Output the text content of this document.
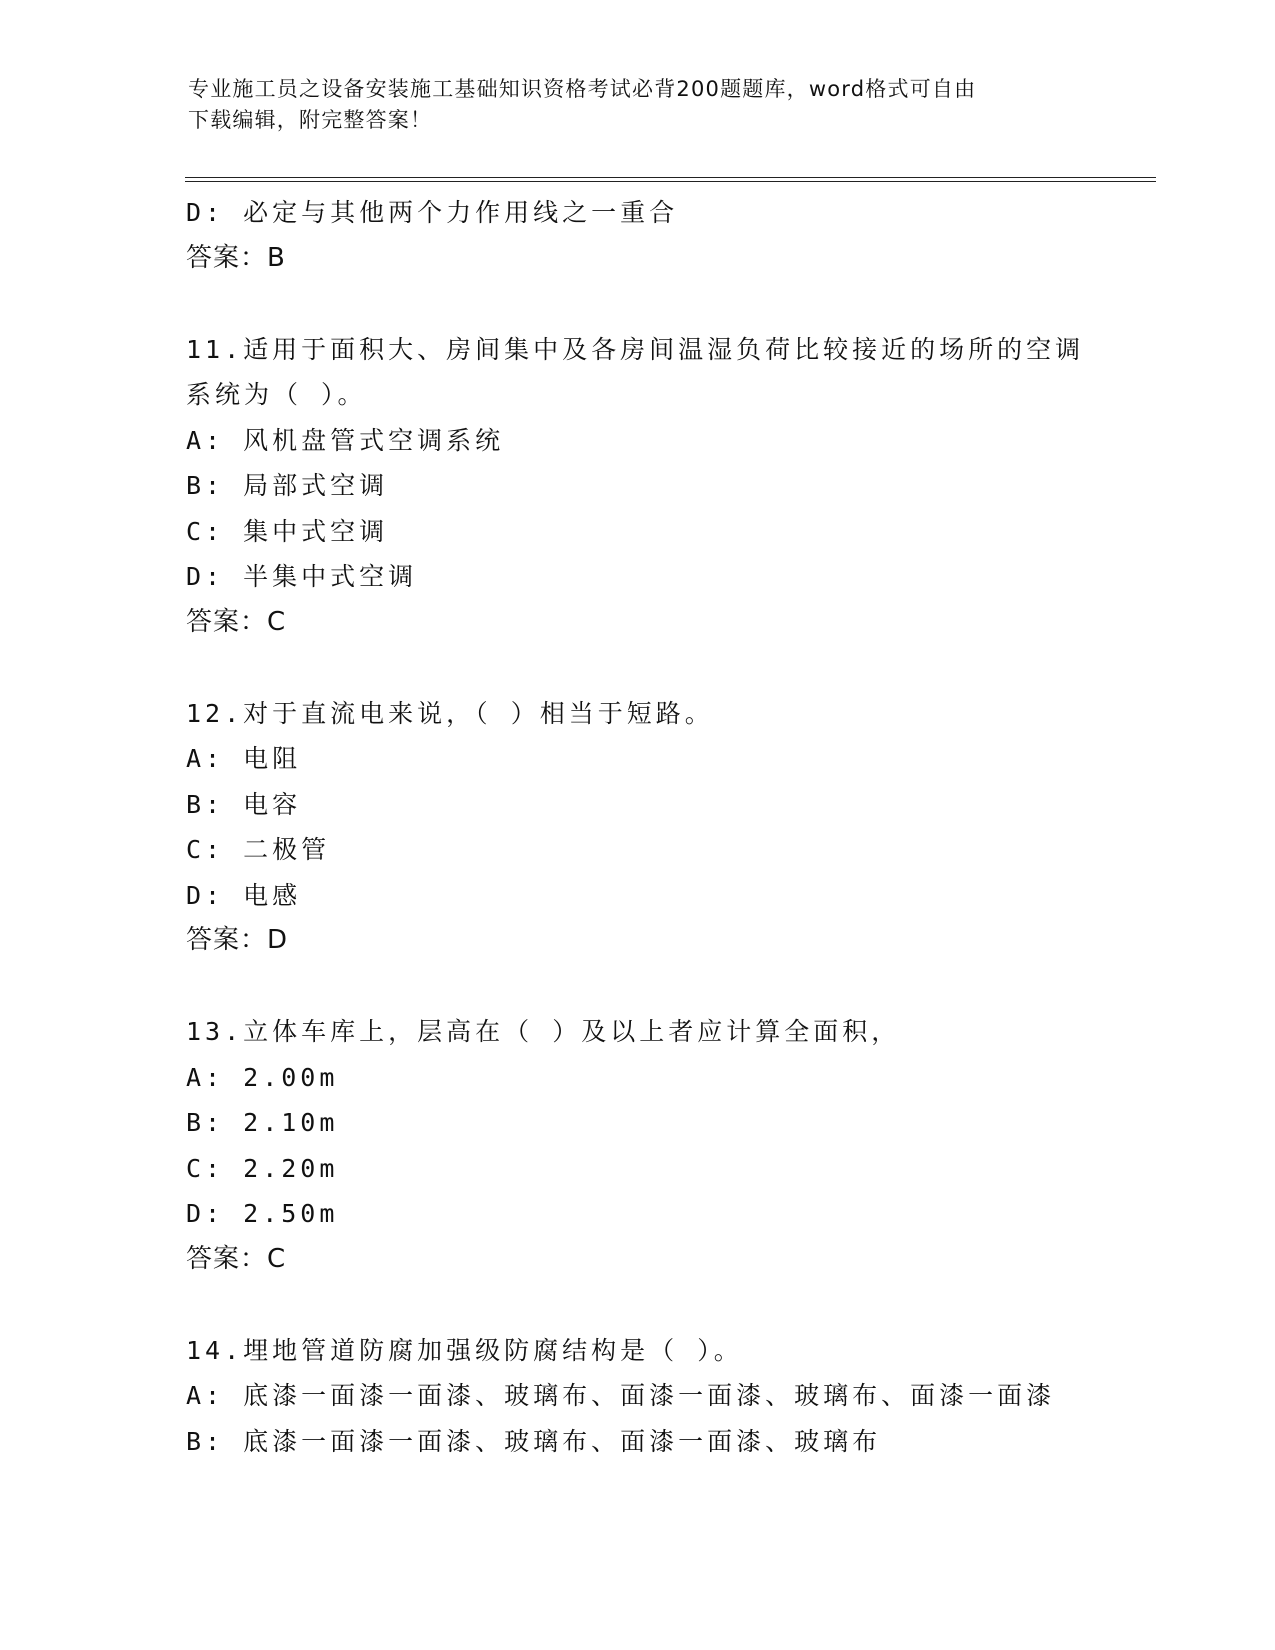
专业施工员之设备安装施工基础知识资格考试必背200题题库，word格式可自由
下载编辑，附完整答案！
D: 必定与其他两个力作用线之一重合
答案：B
11.适用于面积大、房间集中及各房间温湿负荷比较接近的场所的空调
系统为（ ）。
A: 风机盘管式空调系统
B: 局部式空调
C: 集中式空调
D: 半集中式空调
答案：C
12.对于直流电来说，（ ）相当于短路。
A: 电阻
B: 电容
C: 二极管
D: 电感
答案：D
13.立体车库上，层高在（ ）及以上者应计算全面积，
A: 2.00m
B: 2.10m
C: 2.20m
D: 2.50m
答案：C
14.埋地管道防腐加强级防腐结构是（ ）。
A: 底漆一面漆一面漆、玻璃布、面漆一面漆、玻璃布、面漆一面漆
B: 底漆一面漆一面漆、玻璃布、面漆一面漆、玻璃布
